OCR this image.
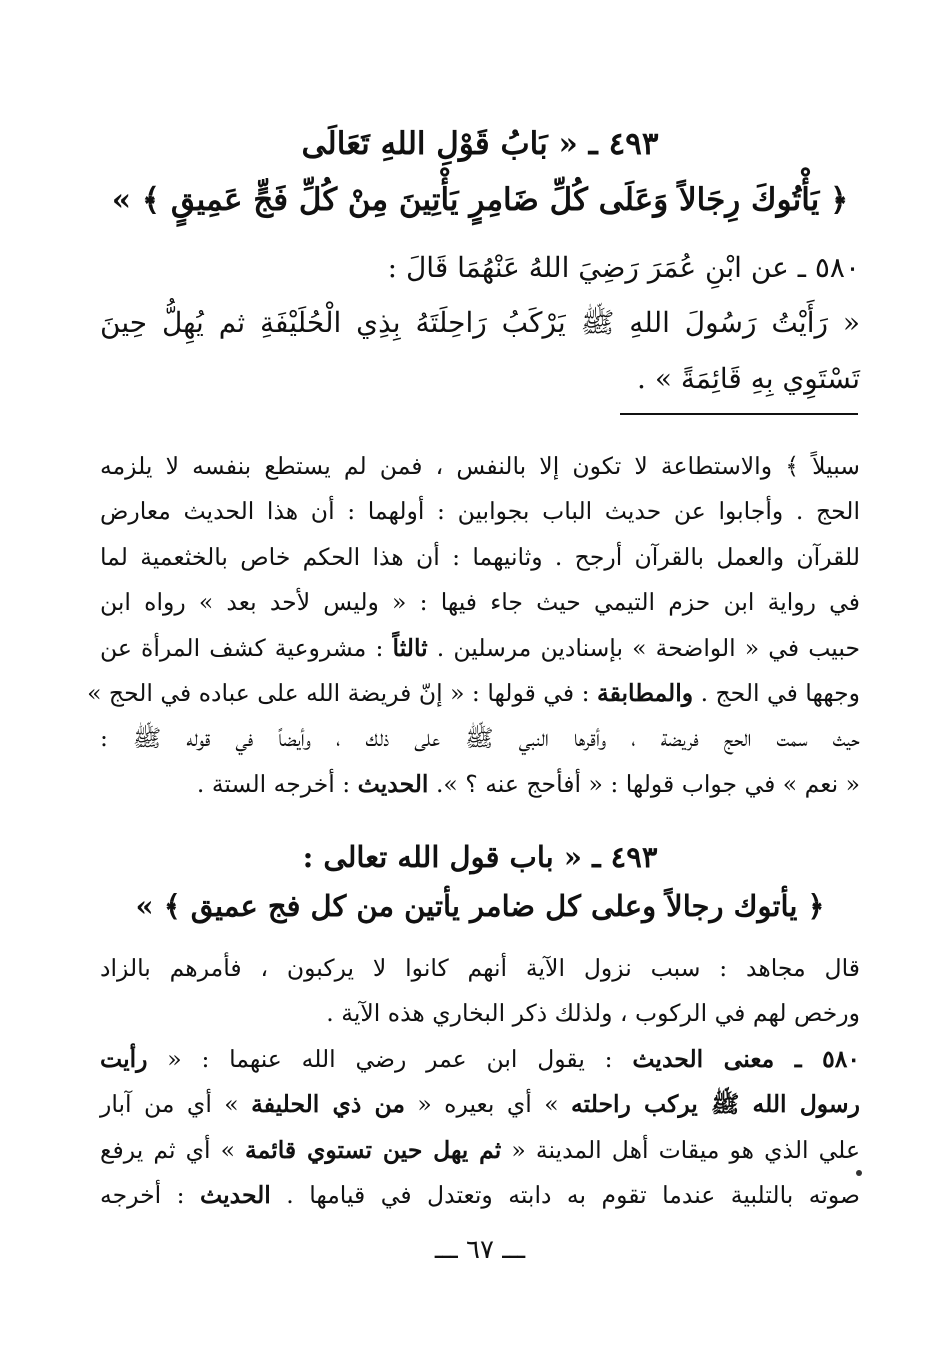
٤٩٣ ـ « بَابُ قَوْلِ اللهِ تَعَالَى
﴿ يَأْتُوكَ رِجَالاً وَعَلَى كُلِّ ضَامِرٍ يَأْتِينَ مِنْ كُلِّ فَجٍّ عَمِيقٍ ﴾ »
٥٨٠ ـ عن ابْنِ عُمَرَ رَضِيَ اللهُ عَنْهُمَا قَالَ :
« رَأَيْتُ رَسُولَ اللهِ ﷺ يَرْكَبُ رَاحِلَتَهُ بِذِي الْحُلَيْفَةِ ثم يُهِلُّ حِينَ
تَسْتَوِي بِهِ قَائِمَةً » .
سبيلاً ﴾ والاستطاعة لا تكون إلا بالنفس ، فمن لم يستطع بنفسه لا يلزمه
الحج . وأجابوا عن حديث الباب بجوابين : أولهما : أن هذا الحديث معارض
للقرآن والعمل بالقرآن أرجح . وثانيهما : أن هذا الحكم خاص بالخثعمية لما
في رواية ابن حزم التيمي حيث جاء فيها : « وليس لأحد بعد » رواه ابن
حبيب في « الواضحة » بإسنادين مرسلين . ثالثاً : مشروعية كشف المرأة عن
وجهها في الحج . والمطابقة : في قولها : « إنّ فريضة الله على عباده في الحج »
حيث سمت الحج فريضة ، وأقرها النبي ﷺ على ذلك ، وأيضاً في قوله ﷺ :
« نعم » في جواب قولها : « أفأحج عنه ؟ ». الحديث : أخرجه الستة .
٤٩٣ ـ « باب قول الله تعالى :
﴿ يأتوك رجالاً وعلى كل ضامر يأتين من كل فج عميق ﴾ »
قال مجاهد : سبب نزول الآية أنهم كانوا لا يركبون ، فأمرهم بالزاد
ورخص لهم في الركوب ، ولذلك ذكر البخاري هذه الآية .
٥٨٠ ـ معنى الحديث : يقول ابن عمر رضي الله عنهما : « رأيت
رسول الله ﷺ يركب راحلته » أي بعيره « من ذي الحليفة » أي من آبار
علي الذي هو ميقات أهل المدينة « ثم يهل حين تستوي قائمة » أي ثم يرفع
صوته بالتلبية عندما تقوم به دابته وتعتدل في قيامها . الحديث : أخرجه
ـــ ٦٧ ـــ
